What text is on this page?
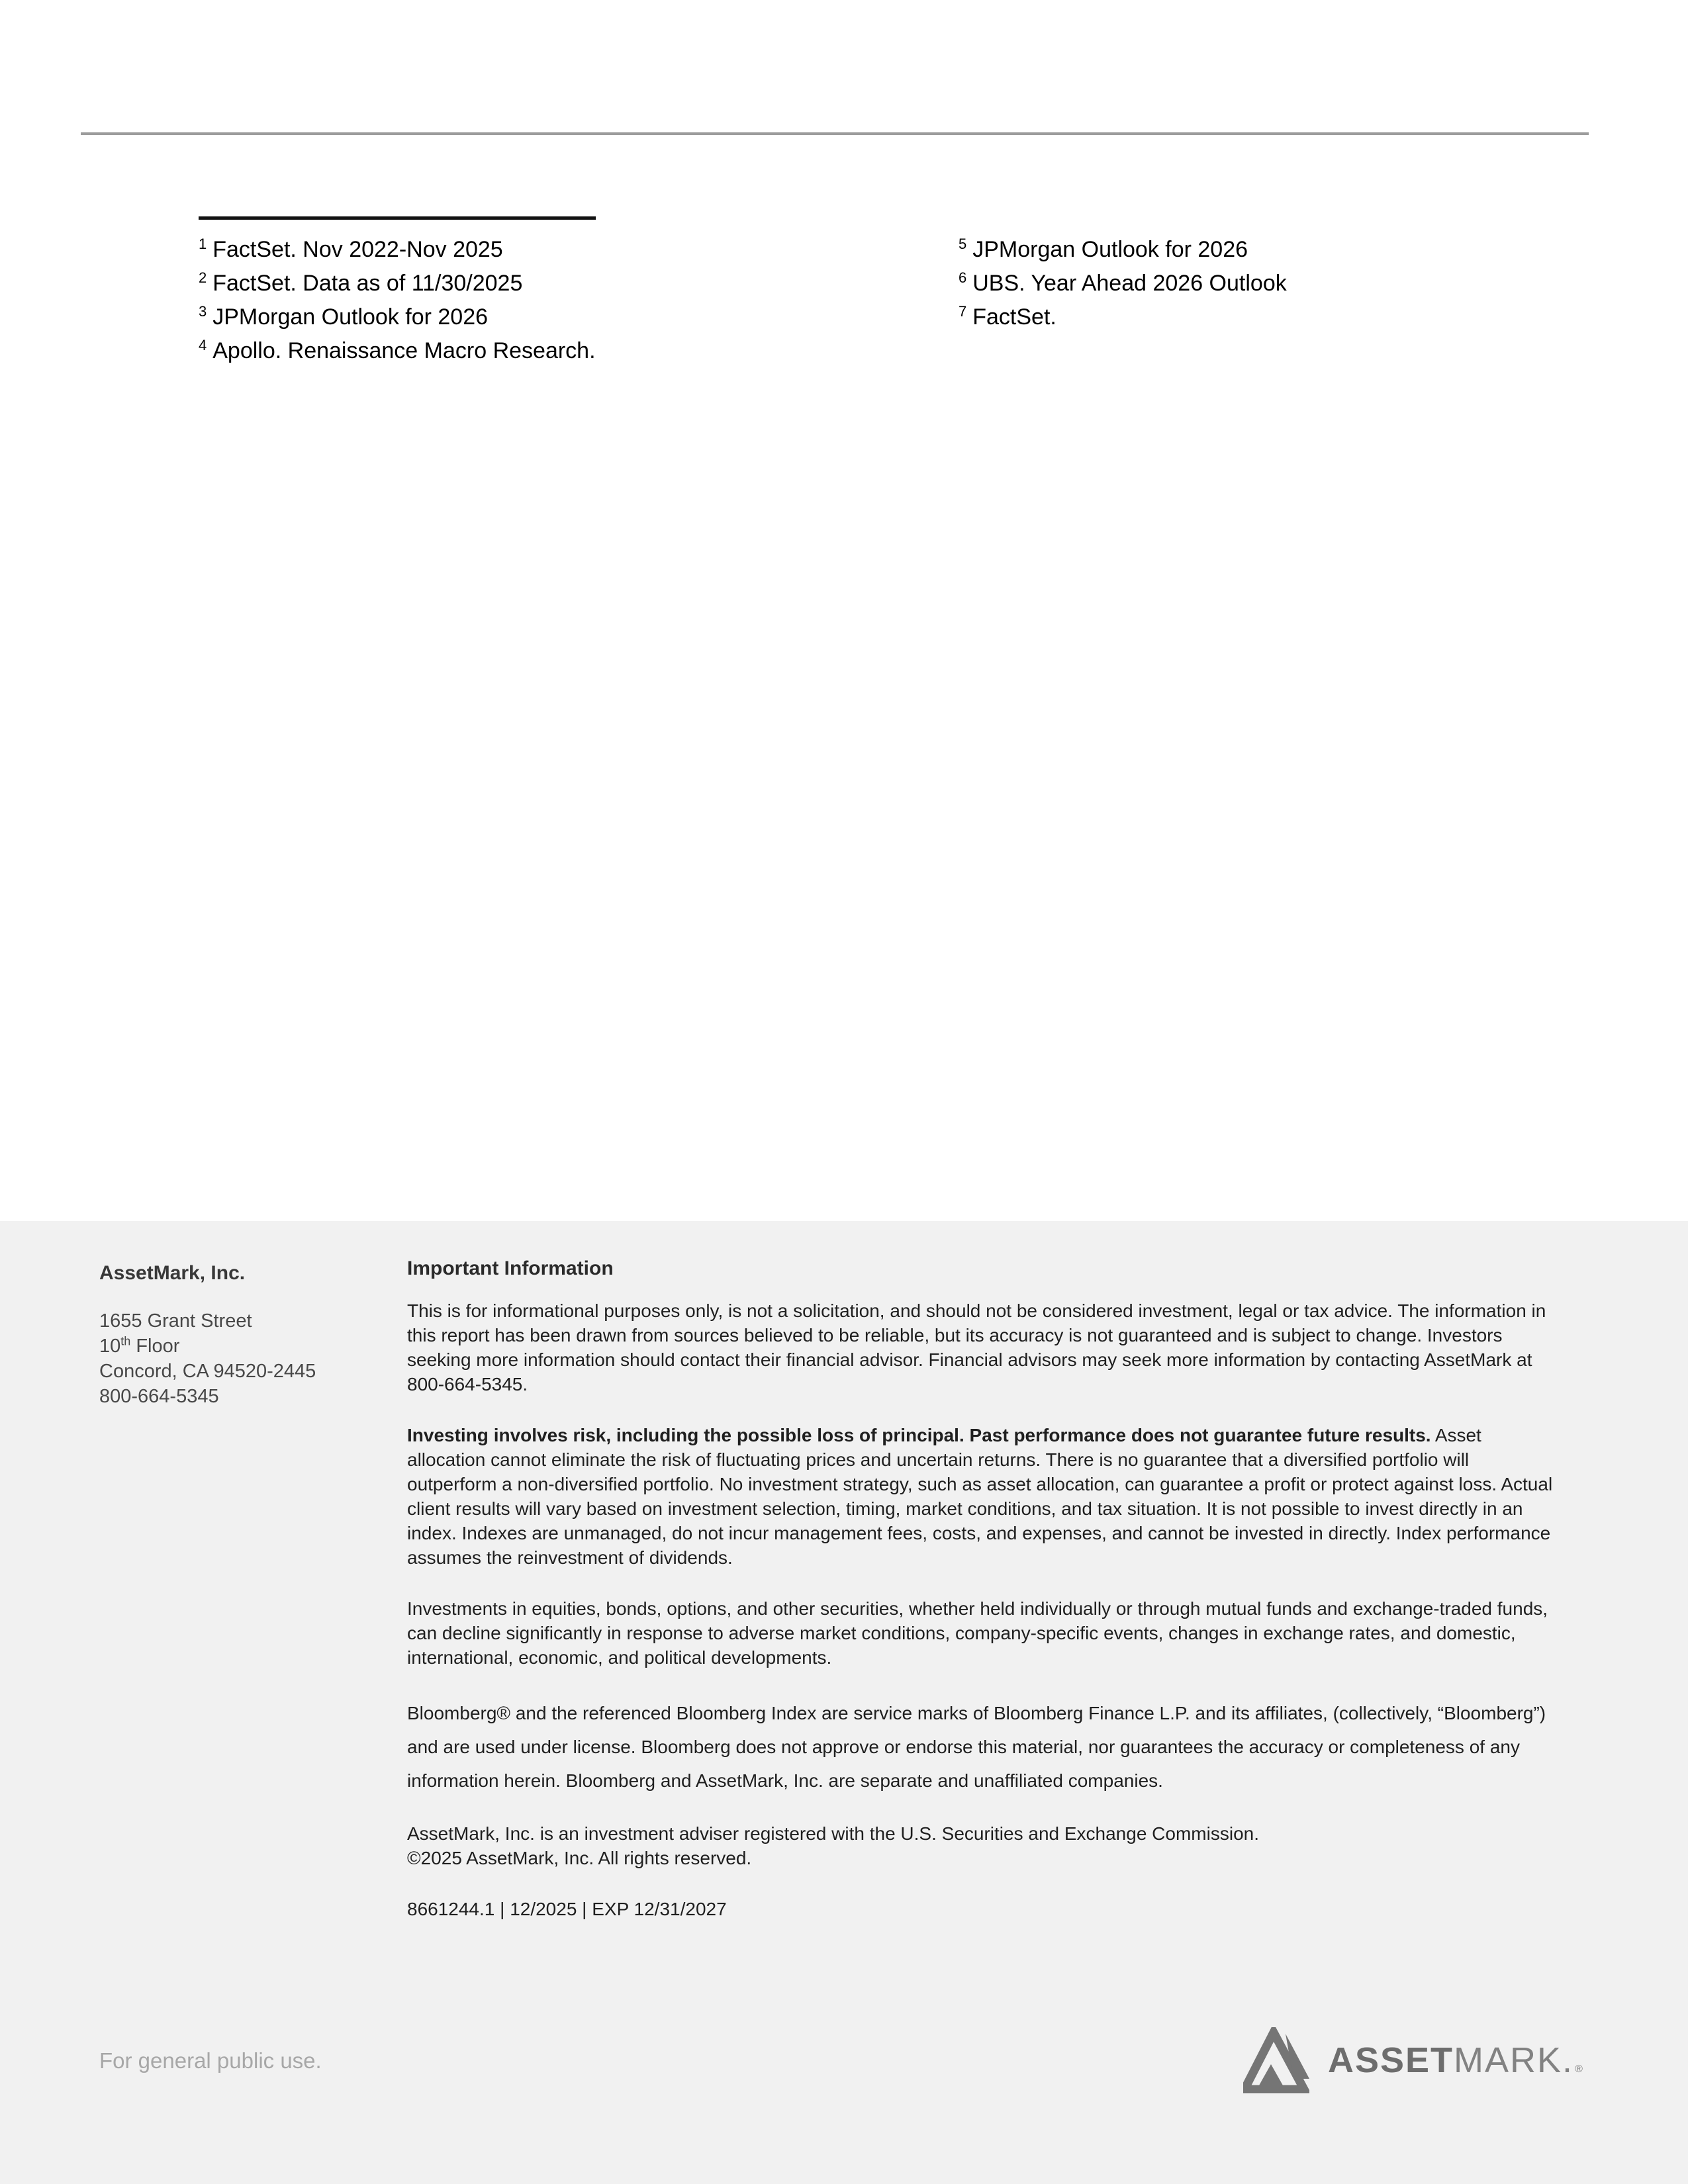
$^1$ FactSet. Nov 2022-Nov 2025
$^2$ FactSet. Data as of 11/30/2025
$^3$ JPMorgan Outlook for 2026
$^4$ Apollo. Renaissance Macro Research.
$^5$ JPMorgan Outlook for 2026
$^6$ UBS. Year Ahead 2026 Outlook
$^7$ FactSet.
AssetMark, Inc.
1655 Grant Street
10th Floor
Concord, CA 94520-2445
800-664-5345
Important Information

This is for informational purposes only, is not a solicitation, and should not be considered investment, legal or tax advice. The information in this report has been drawn from sources believed to be reliable, but its accuracy is not guaranteed and is subject to change. Investors seeking more information should contact their financial advisor. Financial advisors may seek more information by contacting AssetMark at 800-664-5345.

Investing involves risk, including the possible loss of principal. Past performance does not guarantee future results. Asset allocation cannot eliminate the risk of fluctuating prices and uncertain returns. There is no guarantee that a diversified portfolio will outperform a non-diversified portfolio. No investment strategy, such as asset allocation, can guarantee a profit or protect against loss. Actual client results will vary based on investment selection, timing, market conditions, and tax situation. It is not possible to invest directly in an index. Indexes are unmanaged, do not incur management fees, costs, and expenses, and cannot be invested in directly. Index performance assumes the reinvestment of dividends.

Investments in equities, bonds, options, and other securities, whether held individually or through mutual funds and exchange-traded funds, can decline significantly in response to adverse market conditions, company-specific events, changes in exchange rates, and domestic, international, economic, and political developments.

Bloomberg® and the referenced Bloomberg Index are service marks of Bloomberg Finance L.P. and its affiliates, (collectively, “Bloomberg”) and are used under license. Bloomberg does not approve or endorse this material, nor guarantees the accuracy or completeness of any information herein. Bloomberg and AssetMark, Inc. are separate and unaffiliated companies.

AssetMark, Inc. is an investment adviser registered with the U.S. Securities and Exchange Commission.
©2025 AssetMark, Inc. All rights reserved.

8661244.1 | 12/2025 | EXP 12/31/2027

For general public use.	ASSET MARK. ®
